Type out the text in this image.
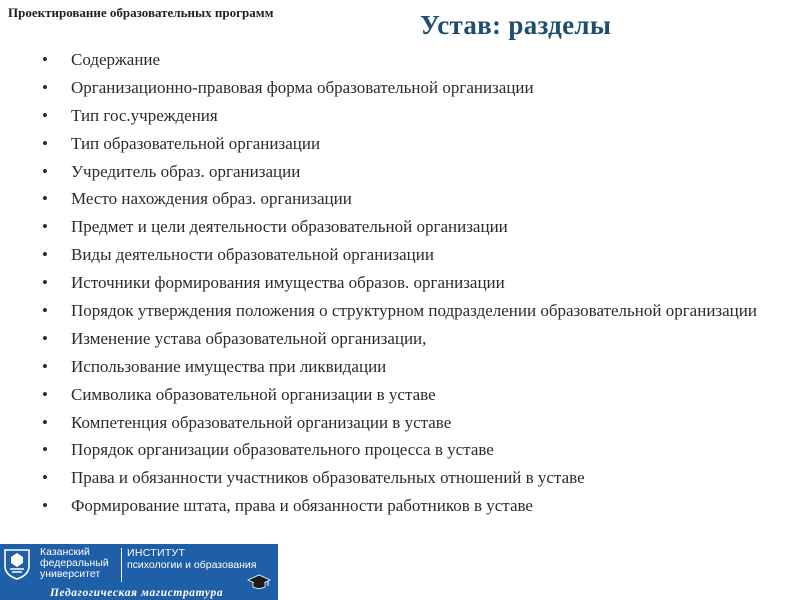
Проектирование образовательных программ	Устав: разделы
• Содержание
• Организационно-правовая форма образовательной организации
• Тип гос.учреждения
• Тип образовательной организации
• Учредитель образ. организации
• Место нахождения образ. организации
• Предмет и цели деятельности образовательной организации
• Виды деятельности образовательной организации
• Источники формирования имущества образов. организации
• Порядок утверждения положения о структурном подразделении образовательной организации
• Изменение устава образовательной организации,
• Использование имущества при ликвидации
• Символика образовательной организации в уставе
• Компетенция образовательной организации в уставе
• Порядок организации образовательного процесса в уставе
• Права и обязанности участников образовательных отношений в уставе
• Формирование штата, права и обязанности работников в уставе
Казанский
федеральный
университет
ИНСТИТУТ
психологии и образования
Педагогическая магистратура
